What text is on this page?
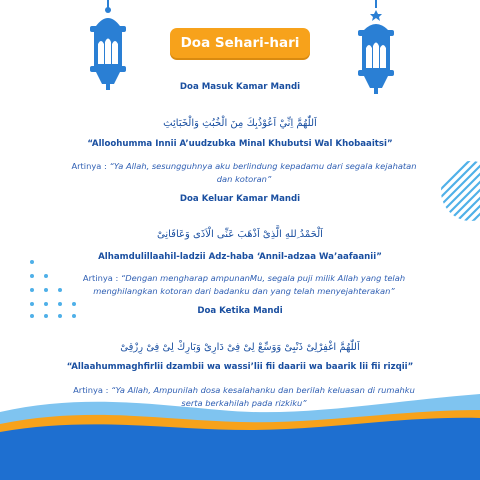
Doa Sehari-hari
Doa Masuk Kamar Mandi
اَللّٰهُمَّ اِنِّيْ اَعُوْذُبِكَ مِنَ الْخُبُثِ وَالْخَبَائِثِ
“Alloohumma Innii A’uudzubka Minal Khubutsi Wal Khobaaitsi”
Artinya : “Ya Allah, sesungguhnya aku berlindung kepadamu dari segala kejahatan dan kotoran”
Doa Keluar Kamar Mandi
اَلْحَمْدُ ِللهِ الَّذِىْ اَذْهَبَ عَنِّى الْاَذَى وَعَافَانِىْ
Alhamdulillaahil-ladzii Adz-haba ‘Annil-adzaa Wa’aafaanii”
Artinya : “Dengan mengharap ampunanMu, segala puji milik Allah yang telah menghilangkan kotoran dari badanku dan yang telah menyejahterakan”
Doa Ketika Mandi
اَللّٰهُمَّ اغْفِرْلِىْ ذَنْبِىْ وَوَسِّعْ لِىْ فِىْ دَارِىْ وَبَارِكْ لِىْ فِىْ رِزْقِىْ
“Allaahummaghfirlii dzambii wa wassi’lii fii daarii wa baarik lii fii rizqii”
Artinya : “Ya Allah, Ampunilah dosa kesalahanku dan berilah keluasan di rumahku serta berkahilah pada rizkiku”
